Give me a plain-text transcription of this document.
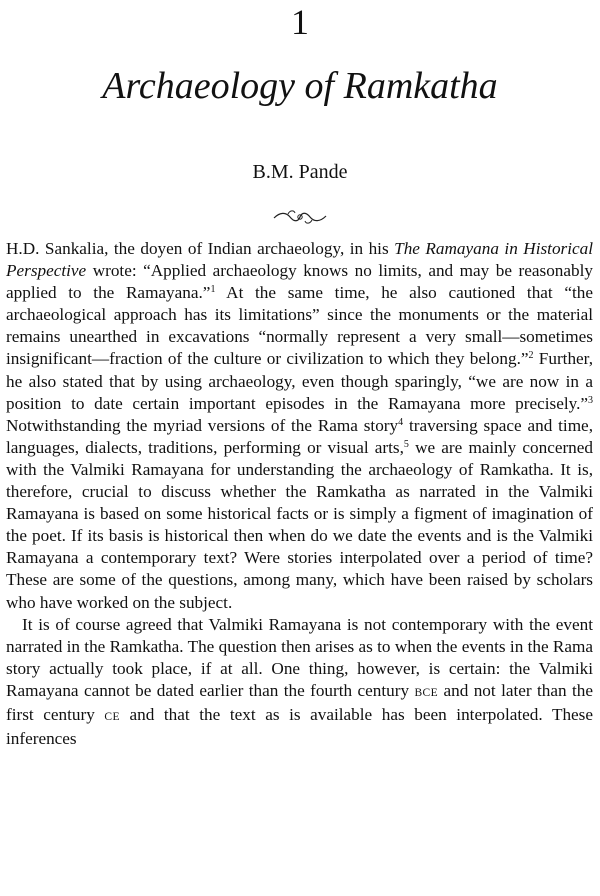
1
Archaeology of Ramkatha
B.M. Pande

H.D. Sankalia, the doyen of Indian archaeology, in his The Ramayana in Historical Perspective wrote: “Applied archaeology knows no limits, and may be reasonably applied to the Ramayana.”$^1$ At the same time, he also cautioned that “the archaeological approach has its limitations” since the monuments or the material remains unearthed in excavations “normally represent a very small—sometimes insignificant—fraction of the culture or civilization to which they belong.”$^2$ Further, he also stated that by using archaeology, even though sparingly, “we are now in a position to date certain important episodes in the Ramayana more precisely.”$^3$ Notwithstanding the myriad versions of the Rama story$^4$ traversing space and time, languages, dialects, traditions, performing or visual arts,$^5$ we are mainly concerned with the Valmiki Ramayana for understanding the archaeology of Ramkatha. It is, therefore, crucial to discuss whether the Ramkatha as narrated in the Valmiki Ramayana is based on some historical facts or is simply a figment of imagination of the poet. If its basis is historical then when do we date the events and is the Valmiki Ramayana a contemporary text? Were stories interpolated over a period of time? These are some of the questions, among many, which have been raised by scholars who have worked on the subject.

It is of course agreed that Valmiki Ramayana is not contemporary with the event narrated in the Ramkatha. The question then arises as to when the events in the Rama story actually took place, if at all. One thing, however, is certain: the Valmiki Ramayana cannot be dated earlier than the fourth century BCE and not later than the first century CE and that the text as is available has been interpolated. These inferences
